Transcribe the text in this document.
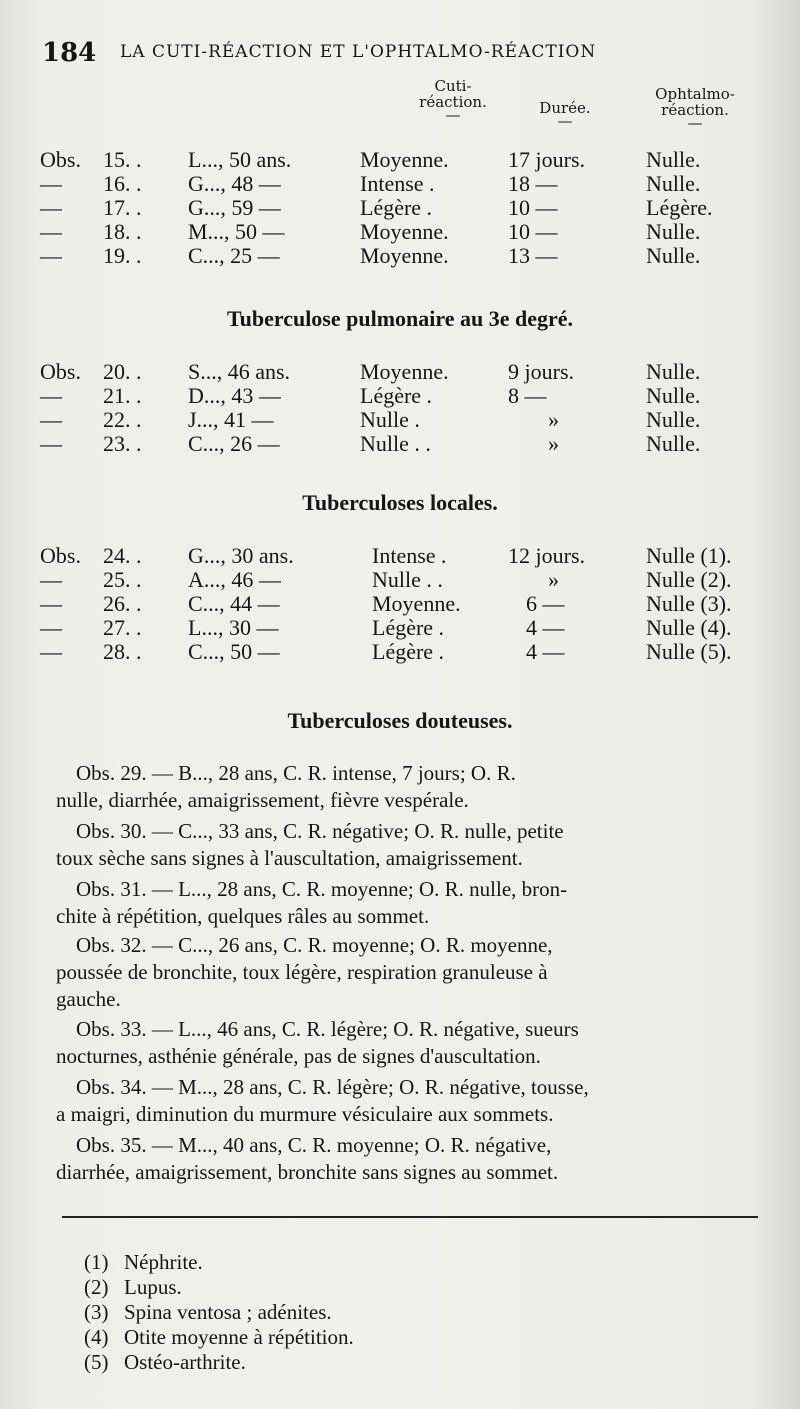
184 LA CUTI-RÉACTION ET L'OPHTALMO-RÉACTION
Cuti-
réaction.
—	Durée.
—
Ophtalmo-
réaction.
—
Obs. 15. . L..., 50 ans.	Moyenne.	17 jours.	Nulle.
— 16. . G..., 48 —	Intense .	18 —	Nulle.
— 17. . G..., 59 —	Légère .	10 —	Légère.
— 18. . M..., 50 —	Moyenne.	10 —	Nulle.
— 19. . C..., 25 —	Moyenne.	13 —	Nulle.
Tuberculose pulmonaire au 3e degré.
Obs. 20. . S..., 46 ans.	Moyenne.	9 jours.	Nulle.
— 21. . D..., 43 —	Légère .	8 —	Nulle.
— 22. . J..., 41 —	Nulle .	»	Nulle.
— 23. . C..., 26 —	Nulle . .	»	Nulle.
Tuberculoses locales.
Obs. 24. . G..., 30 ans.	Intense .	12 jours.	Nulle (1).
— 25. . A..., 46 —	Nulle . .	»	Nulle (2).
— 26. . C..., 44 —	Moyenne.	6 —	Nulle (3).
— 27. . L..., 30 —	Légère .	4 —	Nulle (4).
— 28. . C..., 50 —	Légère .	4 —	Nulle (5).
Tuberculoses douteuses.
Obs. 29. — B..., 28 ans, C. R. intense, 7 jours; O. R.
nulle, diarrhée, amaigrissement, fièvre vespérale.
Obs. 30. — C..., 33 ans, C. R. négative; O. R. nulle, petite
toux sèche sans signes à l'auscultation, amaigrissement.
Obs. 31. — L..., 28 ans, C. R. moyenne; O. R. nulle, bron-
chite à répétition, quelques râles au sommet.
Obs. 32. — C..., 26 ans, C. R. moyenne; O. R. moyenne,
poussée de bronchite, toux légère, respiration granuleuse à
gauche.
Obs. 33. — L..., 46 ans, C. R. légère; O. R. négative, sueurs
nocturnes, asthénie générale, pas de signes d'auscultation.
Obs. 34. — M..., 28 ans, C. R. légère; O. R. négative, tousse,
a maigri, diminution du murmure vésiculaire aux sommets.
Obs. 35. — M..., 40 ans, C. R. moyenne; O. R. négative,
diarrhée, amaigrissement, bronchite sans signes au sommet.
(1) Néphrite.
(2) Lupus.
(3) Spina ventosa ; adénites.
(4) Otite moyenne à répétition.
(5) Ostéo-arthrite.
